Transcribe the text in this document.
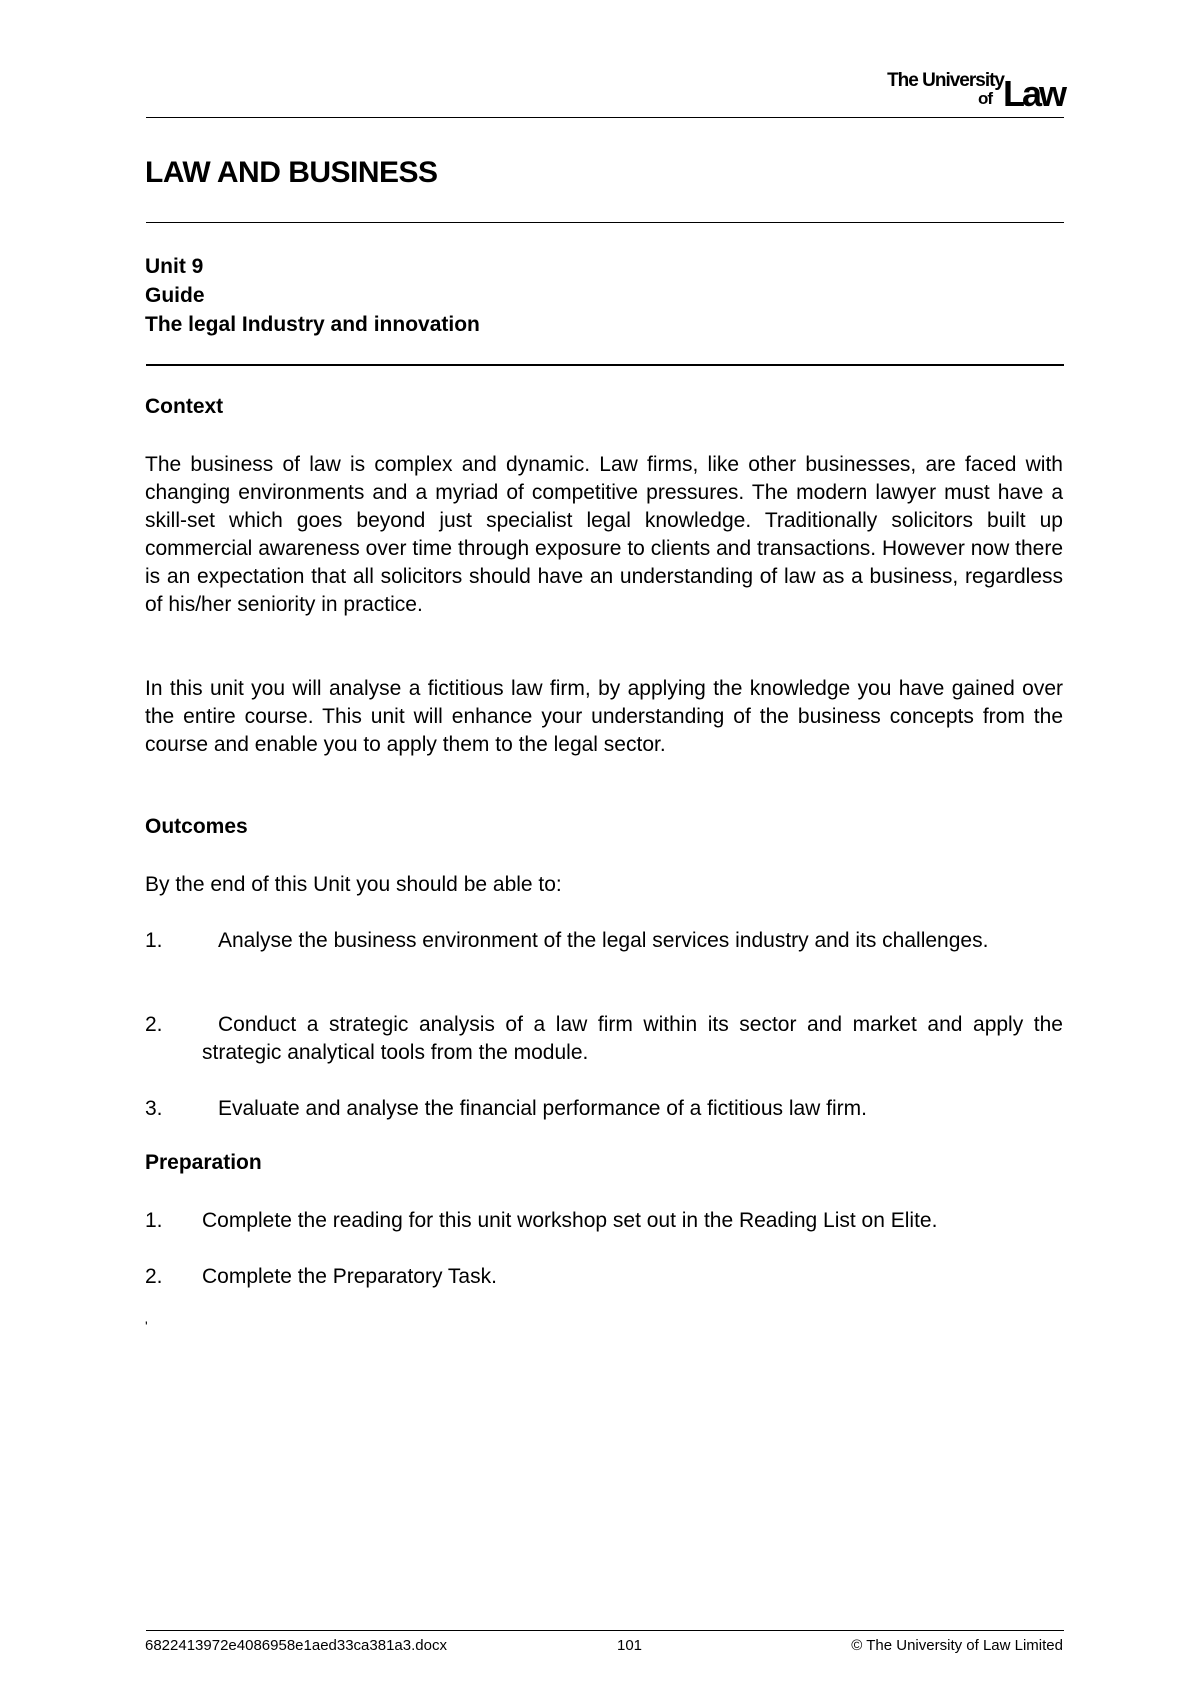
The University
of Law
LAW AND BUSINESS
Unit 9
Guide
The legal Industry and innovation
Context

The business of law is complex and dynamic. Law firms, like other businesses, are faced with changing environments and a myriad of competitive pressures. The modern lawyer must have a skill-set which goes beyond just specialist legal knowledge. Traditionally solicitors built up commercial awareness over time through exposure to clients and transactions. However now there is an expectation that all solicitors should have an understanding of law as a business, regardless of his/her seniority in practice.

In this unit you will analyse a fictitious law firm, by applying the knowledge you have gained over the entire course. This unit will enhance your understanding of the business concepts from the course and enable you to apply them to the legal sector.

Outcomes

By the end of this Unit you should be able to:

1.	Analyse the business environment of the legal services industry and its challenges.
2.	Conduct a strategic analysis of a law firm within its sector and market and apply the strategic analytical tools from the module.
3.	Evaluate and analyse the financial performance of a fictitious law firm.
Preparation
1. Complete the reading for this unit workshop set out in the Reading List on Elite.
2. Complete the Preparatory Task.
'
6822413972e4086958e1aed33ca381a3.docx	101	© The University of Law Limited
